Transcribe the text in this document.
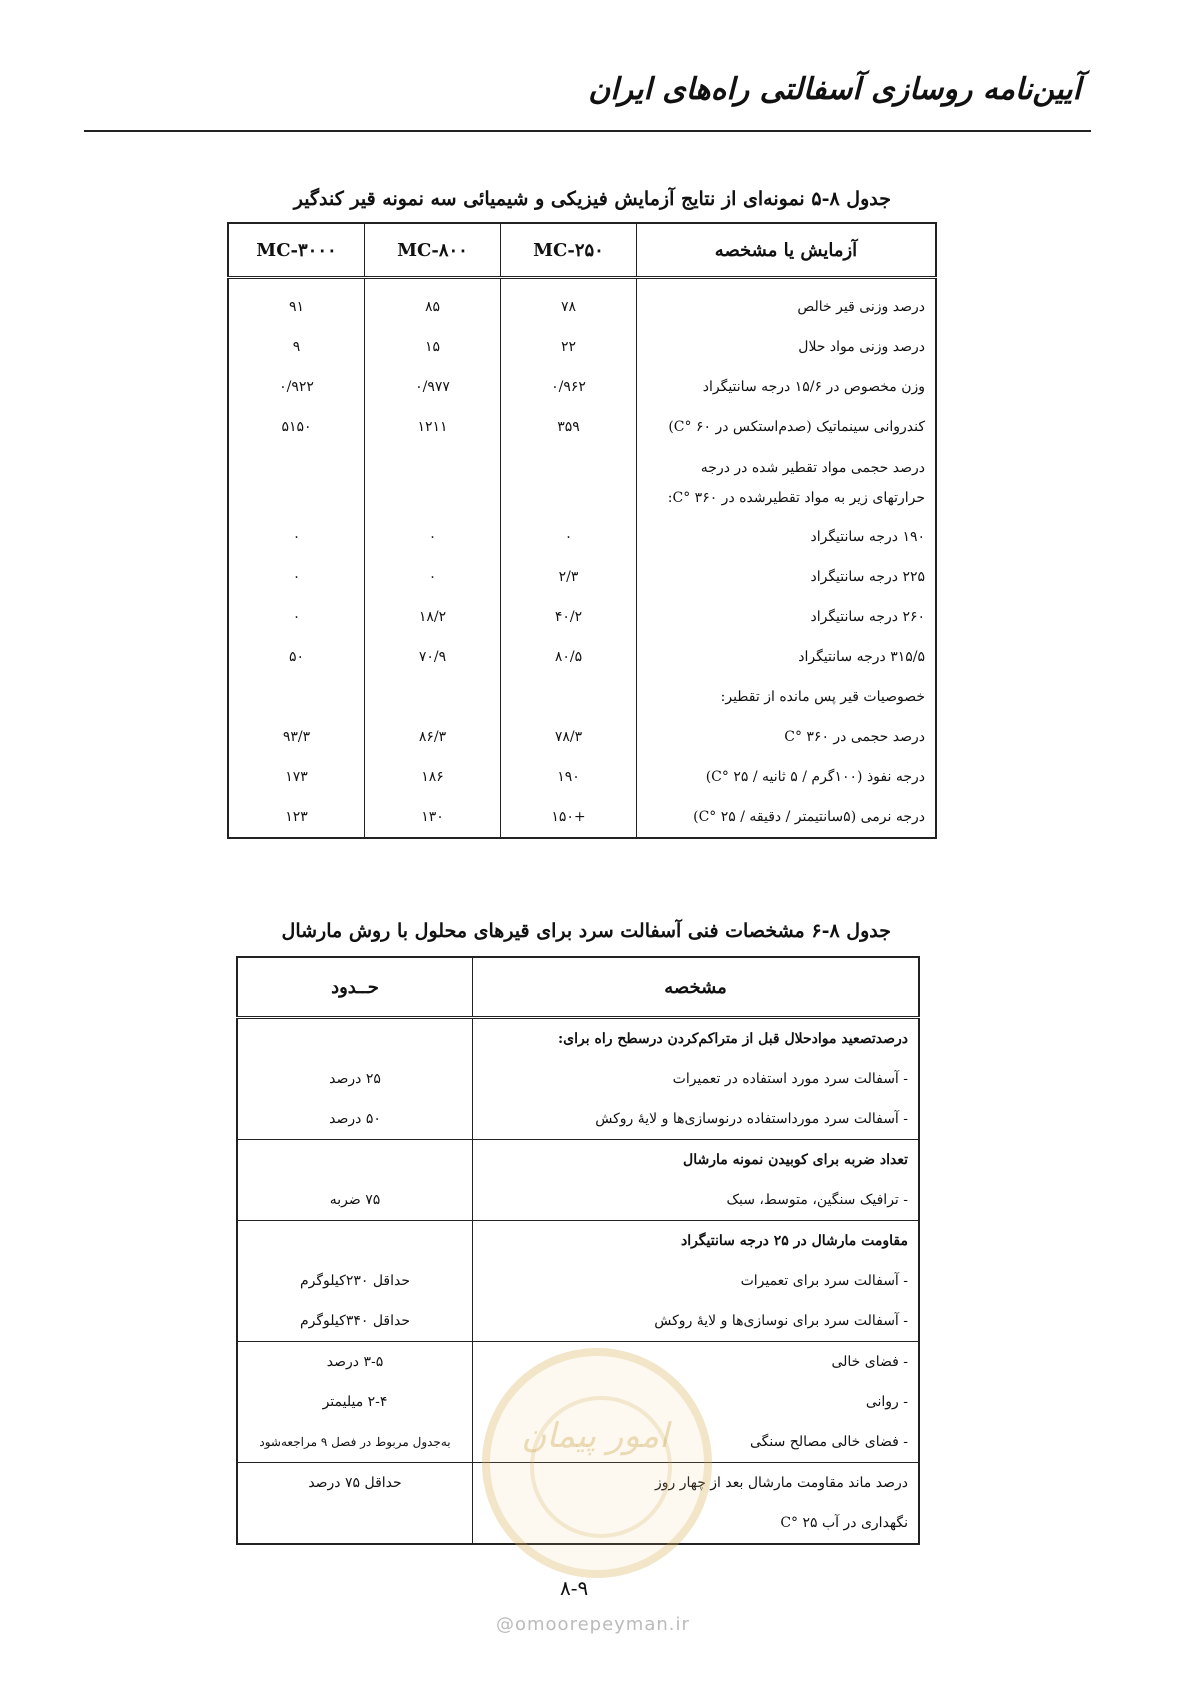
آیین‌نامه روسازی آسفالتی راه‌های ایران
جدول ۸-۵ نمونه‌ای از نتایج آزمایش فیزیکی و شیمیائی سه نمونه قیر کندگیر
آزمایش یا مشخصه	MC-۲۵۰	MC-۸۰۰	MC-۳۰۰۰
درصد وزنی قیر خالص	۷۸	۸۵	۹۱
درصد وزنی مواد حلال	۲۲	۱۵	۹
وزن مخصوص در ۱۵/۶ درجه سانتیگراد	۰/۹۶۲	۰/۹۷۷	۰/۹۲۲
کندروانی سینماتیک (صدم‌استکس در ۶۰ °C)	۳۵۹	۱۲۱۱	۵۱۵۰
درصد حجمی مواد تقطیر شده در درجه حرارتهای زیر به مواد تقطیرشده در ۳۶۰ °C:			
۱۹۰ درجه سانتیگراد	۰	۰	۰
۲۲۵ درجه سانتیگراد	۲/۳	۰	۰
۲۶۰ درجه سانتیگراد	۴۰/۲	۱۸/۲	۰
۳۱۵/۵ درجه سانتیگراد	۸۰/۵	۷۰/۹	۵۰
خصوصیات قیر پس مانده از تقطیر:			
درصد حجمی در ۳۶۰ °C	۷۸/۳	۸۶/۳	۹۳/۳
درجه نفوذ (۱۰۰گرم / ۵ ثانیه / ۲۵ °C)	۱۹۰	۱۸۶	۱۷۳
درجه نرمی (۵سانتیمتر / دقیقه / ۲۵ °C)	+۱۵۰	۱۳۰	۱۲۳
جدول ۸-۶ مشخصات فنی آسفالت سرد برای قیرهای محلول با روش مارشال
مشخصه	حــدود
درصدتصعید موادحلال قبل از متراکم‌کردن درسطح راه برای:	
- آسفالت سرد مورد استفاده در تعمیرات	۲۵ درصد
- آسفالت سرد مورداستفاده درنوسازی‌ها و لایهٔ روکش	۵۰ درصد
تعداد ضربه برای کوبیدن نمونه مارشال	
- ترافیک سنگین، متوسط، سبک	۷۵ ضربه
مقاومت مارشال در ۲۵ درجه سانتیگراد	
- آسفالت سرد برای تعمیرات	حداقل ۲۳۰کیلوگرم
- آسفالت سرد برای نوسازی‌ها و لایهٔ روکش	حداقل ۳۴۰کیلوگرم
- فضای خالی	۳-۵ درصد
- روانی	۲-۴ میلیمتر
- فضای خالی مصالح سنگی	بەجدول مربوط در فصل ۹ مراجعه‌شود
درصد ماند مقاومت مارشال بعد از چهار روز	حداقل ۷۵ درصد
نگهداری در آب ۲۵ °C	
امور پیمان
۸-۹
@omoorepeyman.ir
